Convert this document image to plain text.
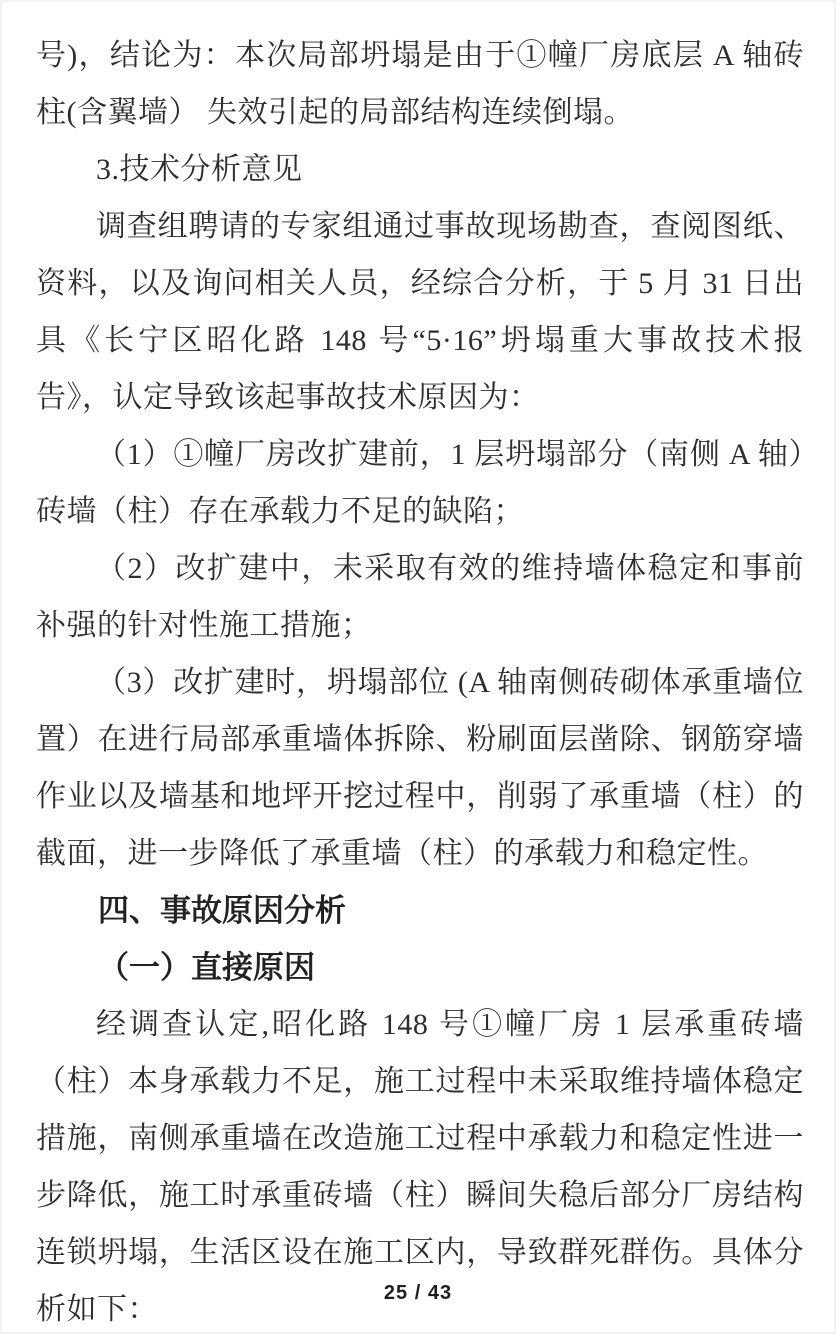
号)，结论为：本次局部坍塌是由于①幢厂房底层 A 轴砖柱(含翼墙） 失效引起的局部结构连续倒塌。

3.技术分析意见

调查组聘请的专家组通过事故现场勘查，查阅图纸、资料，以及询问相关人员，经综合分析，于 5 月 31 日出具《长宁区昭化路 148 号“5·16”坍塌重大事故技术报告》，认定导致该起事故技术原因为：

（1）①幢厂房改扩建前，1 层坍塌部分（南侧 A 轴）砖墙（柱）存在承载力不足的缺陷；

（2）改扩建中，未采取有效的维持墙体稳定和事前补强的针对性施工措施；

（3）改扩建时，坍塌部位 (A 轴南侧砖砌体承重墙位置）在进行局部承重墙体拆除、粉刷面层凿除、钢筋穿墙作业以及墙基和地坪开挖过程中，削弱了承重墙（柱）的截面，进一步降低了承重墙（柱）的承载力和稳定性。

四、事故原因分析
（一）直接原因

经调查认定,昭化路 148 号①幢厂房 1 层承重砖墙（柱）本身承载力不足，施工过程中未采取维持墙体稳定措施，南侧承重墙在改造施工过程中承载力和稳定性进一步降低，施工时承重砖墙（柱）瞬间失稳后部分厂房结构连锁坍塌，生活区设在施工区内，导致群死群伤。具体分析如下：	25 / 43
